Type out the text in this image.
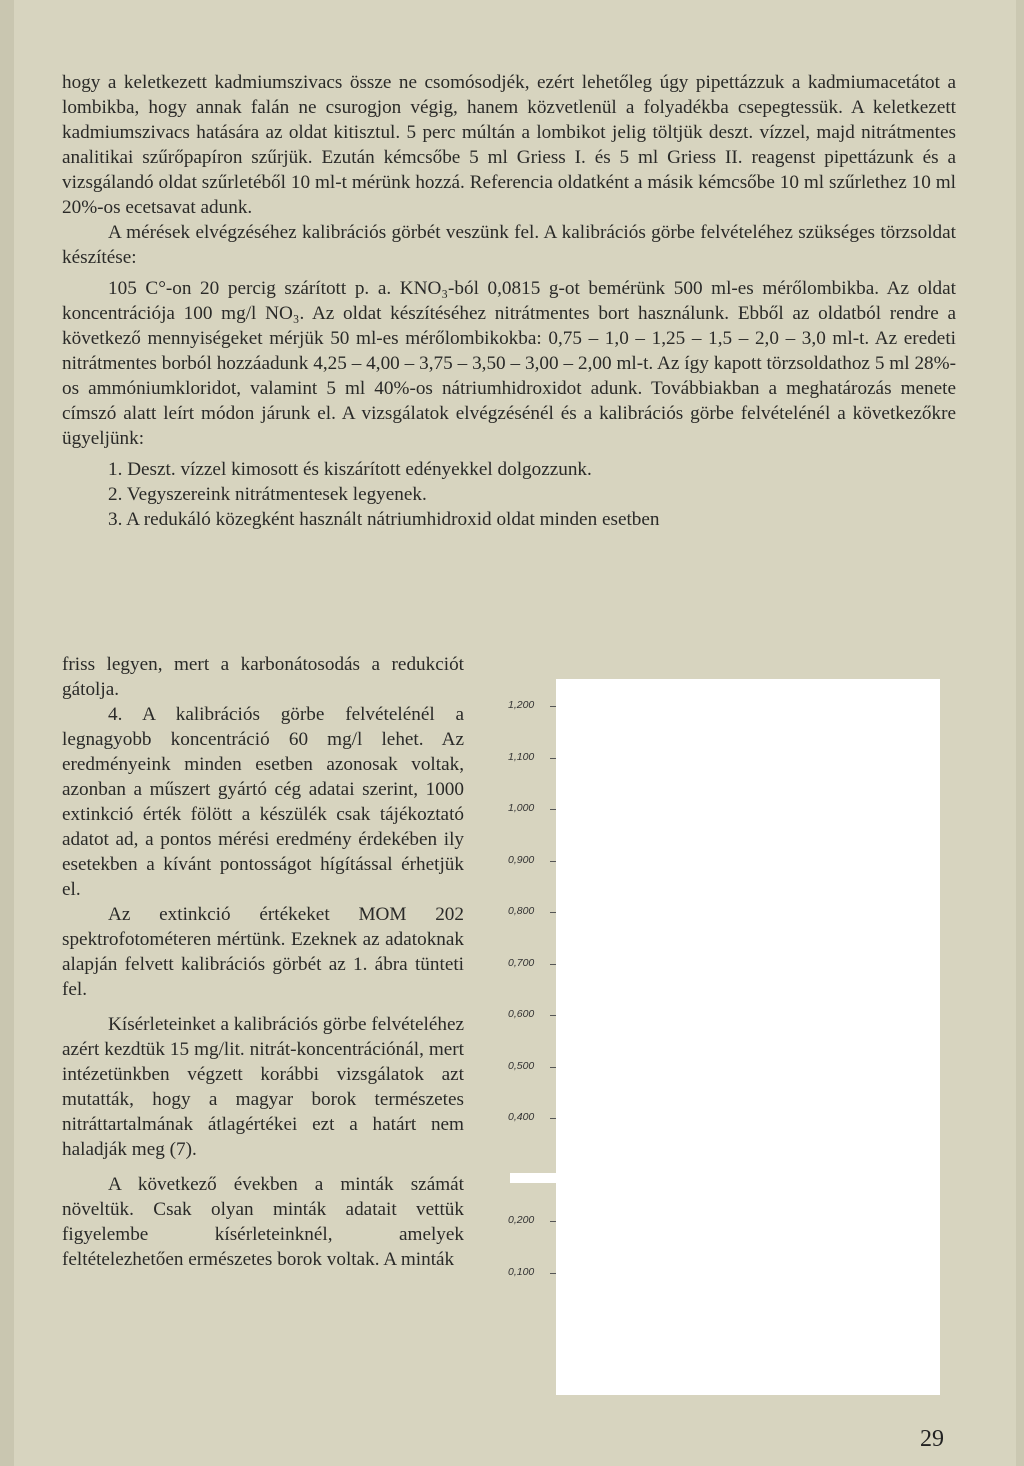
hogy a keletkezett kadmiumszivacs össze ne csomósodjék, ezért lehetőleg úgy pipettázzuk a kadmiumacetátot a lombikba, hogy annak falán ne csurogjon végig, hanem közvetlenül a folyadékba csepegtessük. A keletkezett kadmiumszivacs hatására az oldat kitisztul. 5 perc múltán a lombikot jelig töltjük deszt. vízzel, majd nitrátmentes analitikai szűrőpapíron szűrjük. Ezután kémcsőbe 5 ml Griess I. és 5 ml Griess II. reagenst pipettázunk és a vizsgálandó oldat szűrletéből 10 ml-t mérünk hozzá. Referencia oldatként a másik kémcsőbe 10 ml szűrlethez 10 ml 20%-os ecetsavat adunk.

A mérések elvégzéséhez kalibrációs görbét veszünk fel. A kalibrációs görbe felvételéhez szükséges törzsoldat készítése:

105 C°-on 20 percig szárított p. a. KNO₃-ból 0,0815 g-ot bemérünk 500 ml-es mérőlombikba. Az oldat koncentrációja 100 mg/l NO₃. Az oldat készítéséhez nitrátmentes bort használunk. Ebből az oldatból rendre a következő mennyiségeket mérjük 50 ml-es mérőlombikokba: 0,75 – 1,0 – 1,25 – 1,5 – 2,0 – 3,0 ml-t. Az eredeti nitrátmentes borból hozzáadunk 4,25 – 4,00 – 3,75 – 3,50 – 3,00 – 2,00 ml-t. Az így kapott törzsoldathoz 5 ml 28%-os ammóniumkloridot, valamint 5 ml 40%-os nátriumhidroxidot adunk. Továbbiakban a meghatározás menete címszó alatt leírt módon járunk el. A vizsgálatok elvégzésénél és a kalibrációs görbe felvételénél a következőkre ügyeljünk:

1. Deszt. vízzel kimosott és kiszárított edényekkel dolgozzunk.

2. Vegyszereink nitrátmentesek legyenek.

3. A redukáló közegként használt nátriumhidroxid oldat minden esetben

friss legyen, mert a karbonátosodás a redukciót gátolja.

4. A kalibrációs görbe felvételénél a legnagyobb koncentráció 60 mg/l lehet. Az eredményeink minden esetben azonosak voltak, azonban a műszert gyártó cég adatai szerint, 1000 extinkció érték fölött a készülék csak tájékoztató adatot ad, a pontos mérési eredmény érdekében ily esetekben a kívánt pontosságot hígítással érhetjük el.

Az extinkció értékeket MOM 202 spektrofotométeren mértünk. Ezeknek az adatoknak alapján felvett kalibrációs görbét az 1. ábra tünteti fel.

Kísérleteinket a kalibrációs görbe felvételéhez azért kezdtük 15 mg/lit. nitrát-koncentrációnál, mert intézetünkben végzett korábbi vizsgálatok azt mutatták, hogy a magyar borok természetes nitráttartalmának átlagértékei ezt a határt nem haladják meg (7).

A következő években a minták számát növeltük. Csak olyan minták adatait vettük figyelembe kísérleteinknél, amelyek feltételezhetően ermészetes borok voltak. A minták

1,200
1,100
1,000
0,900
0,800
0,700
0,600
0,500
0,400
0,200
0,100
29
